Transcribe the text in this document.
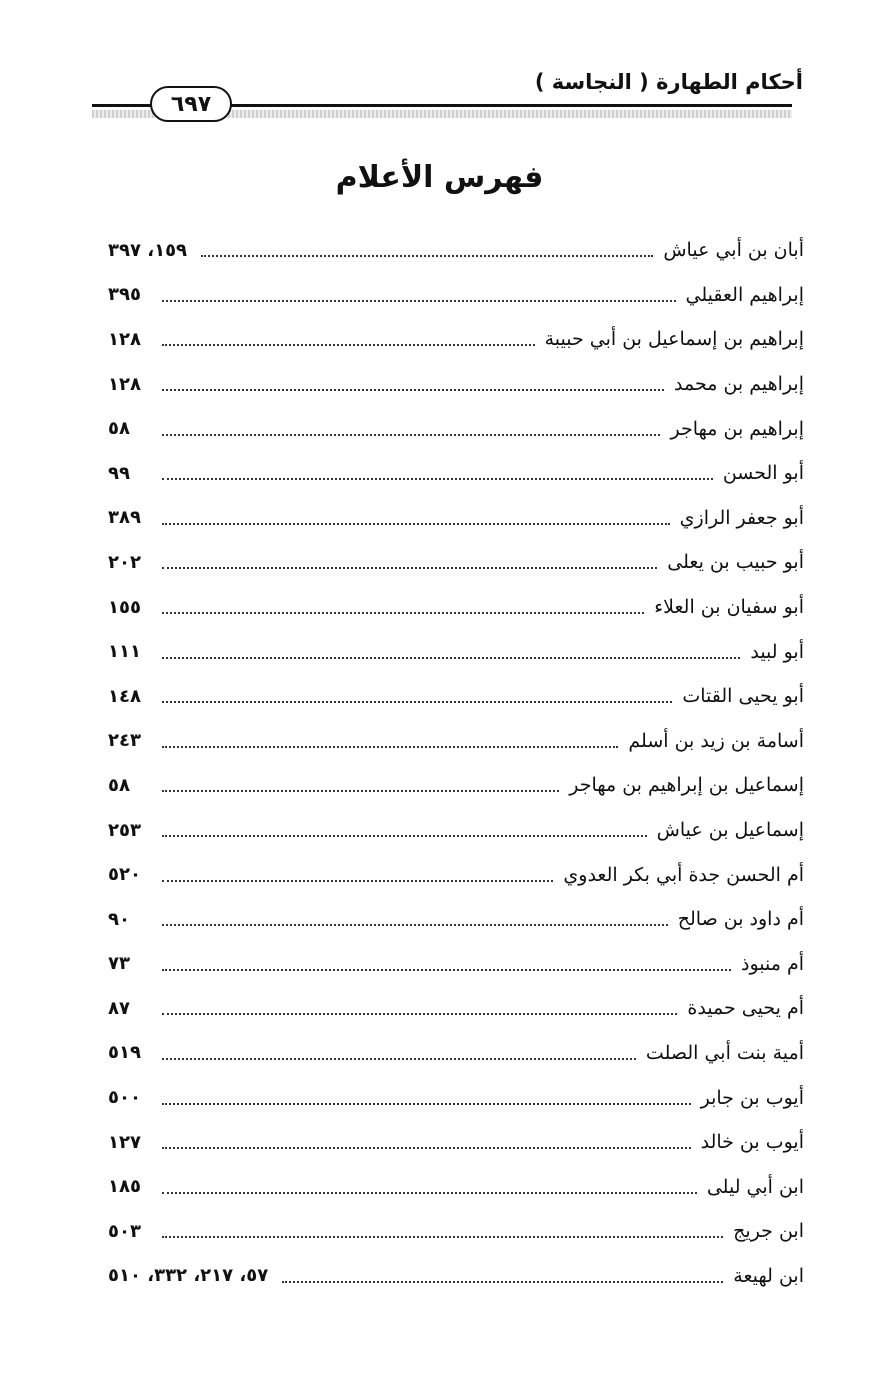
أحكام الطهارة ( النجاسة )
٦٩٧
فهرس الأعلام
أبان بن أبي عياش
١٥٩، ٣٩٧
إبراهيم العقيلي
٣٩٥
إبراهيم بن إسماعيل بن أبي حبيبة
١٢٨
إبراهيم بن محمد
١٢٨
إبراهيم بن مهاجر
٥٨
أبو الحسن
٩٩
أبو جعفر الرازي
٣٨٩
أبو حبيب بن يعلى
٢٠٢
أبو سفيان بن العلاء
١٥٥
أبو لبيد
١١١
أبو يحيى القتات
١٤٨
أسامة بن زيد بن أسلم
٢٤٣
إسماعيل بن إبراهيم بن مهاجر
٥٨
إسماعيل بن عياش
٢٥٣
أم الحسن جدة أبي بكر العدوي
٥٢٠
أم داود بن صالح
٩٠
أم منبوذ
٧٣
أم يحيى حميدة
٨٧
أمية بنت أبي الصلت
٥١٩
أيوب بن جابر
٥٠٠
أيوب بن خالد
١٢٧
ابن أبي ليلى
١٨٥
ابن جريج
٥٠٣
ابن لهيعة
٥٧، ٢١٧، ٣٣٢، ٥١٠
